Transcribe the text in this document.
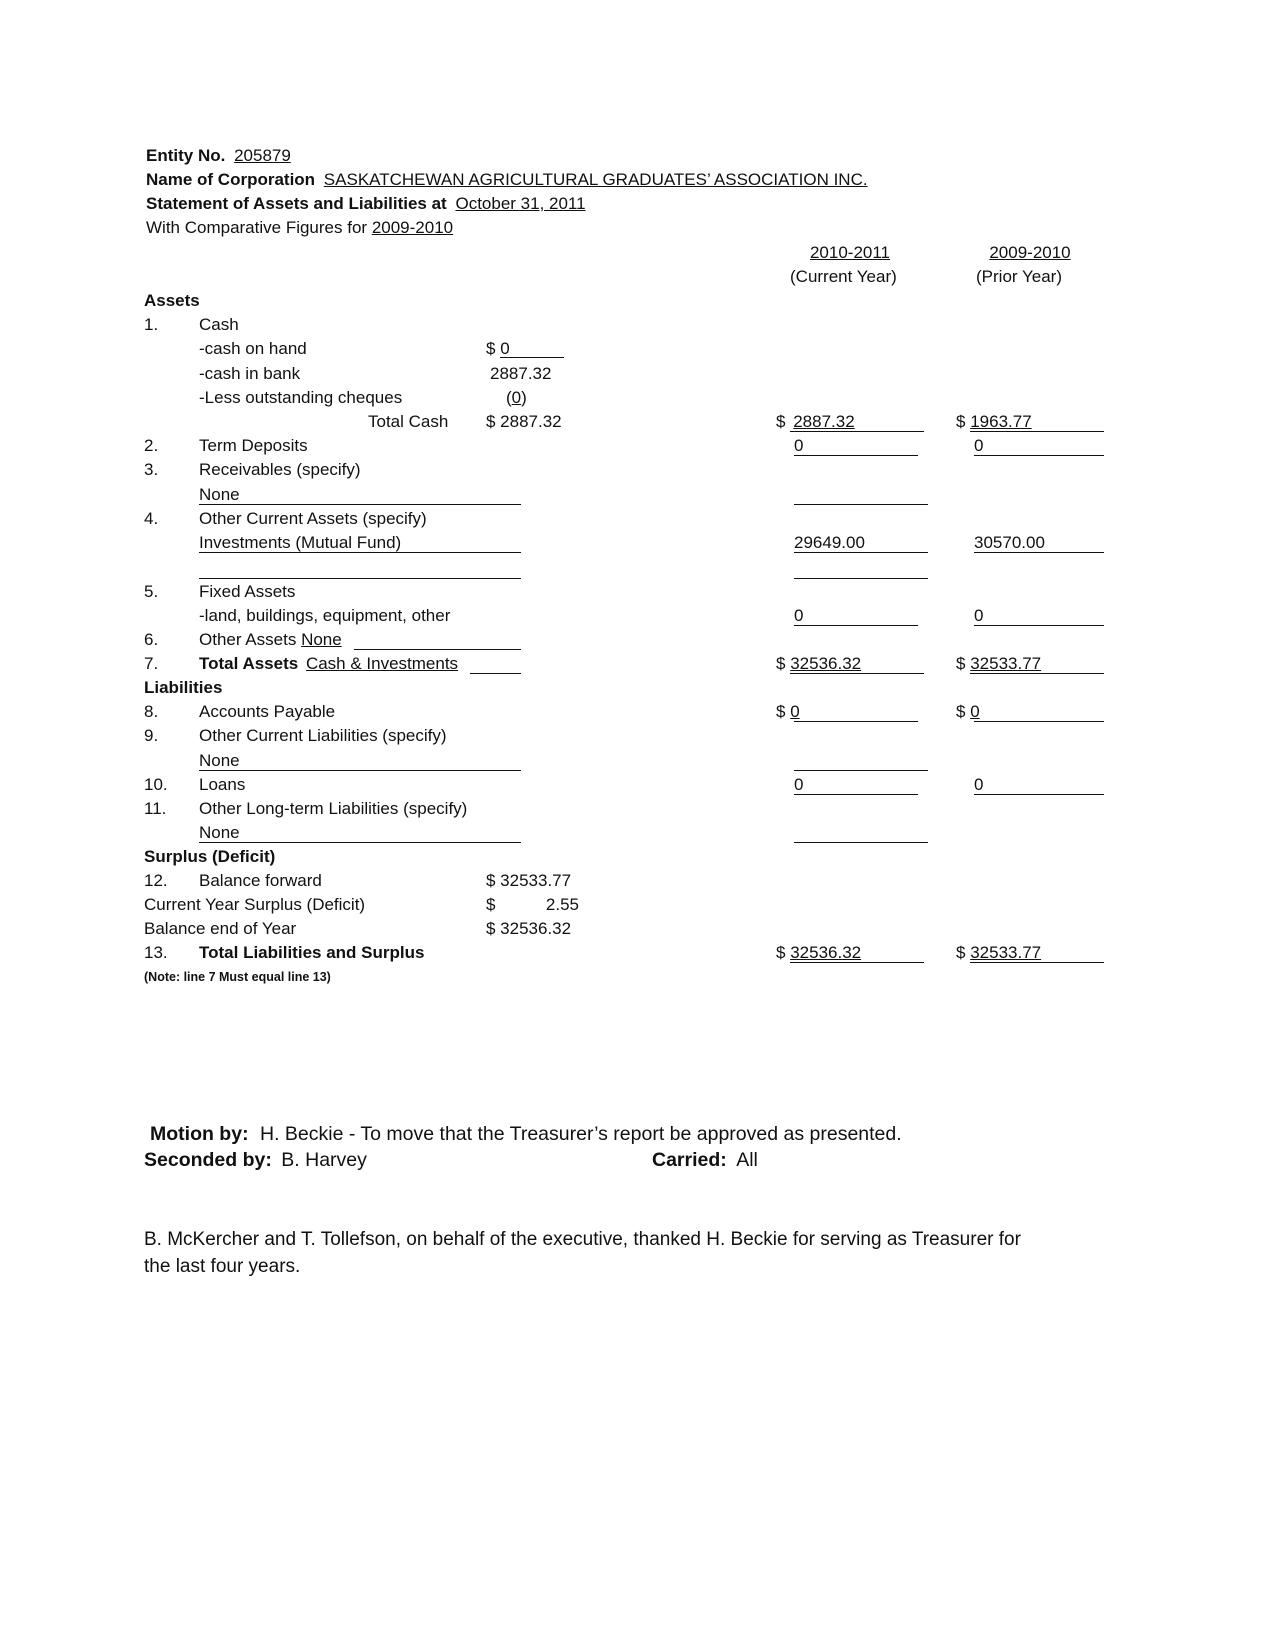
Entity No. 205879
Name of Corporation SASKATCHEWAN AGRICULTURAL GRADUATES’ ASSOCIATION INC.
Statement of Assets and Liabilities at October 31, 2011
With Comparative Figures for 2009-2010
2010-2011
(Current Year)
2009-2010
(Prior Year)
Assets
1. Cash
-cash on hand	$ 0
-cash in bank	2887.32
-Less outstanding cheques	(0)
Total Cash $ 2887.32	$ 2887.32	$ 1963.77
2. Term Deposits	0	0
3. Receivables (specify)
None
4. Other Current Assets (specify)
Investments (Mutual Fund)	29649.00	30570.00
5. Fixed Assets
-land, buildings, equipment, other	0	0
6. Other Assets None
7. Total Assets Cash & Investments	$ 32536.32	$ 32533.77
Liabilities
8. Accounts Payable	$ 0	$ 0
9. Other Current Liabilities (specify)
None
10. Loans	0	0
11. Other Long-term Liabilities (specify)
None
Surplus (Deficit)
12. Balance forward	$ 32533.77
Current Year Surplus (Deficit)	$	2.55
Balance end of Year	$ 32536.32
13. Total Liabilities and Surplus	$ 32536.32	$ 32533.77
(Note: line 7 Must equal line 13)
Motion by: H. Beckie - To move that the Treasurer’s report be approved as presented.
Seconded by: B. Harvey	Carried: All
B. McKercher and T. Tollefson, on behalf of the executive, thanked H. Beckie for serving as Treasurer for
the last four years.
